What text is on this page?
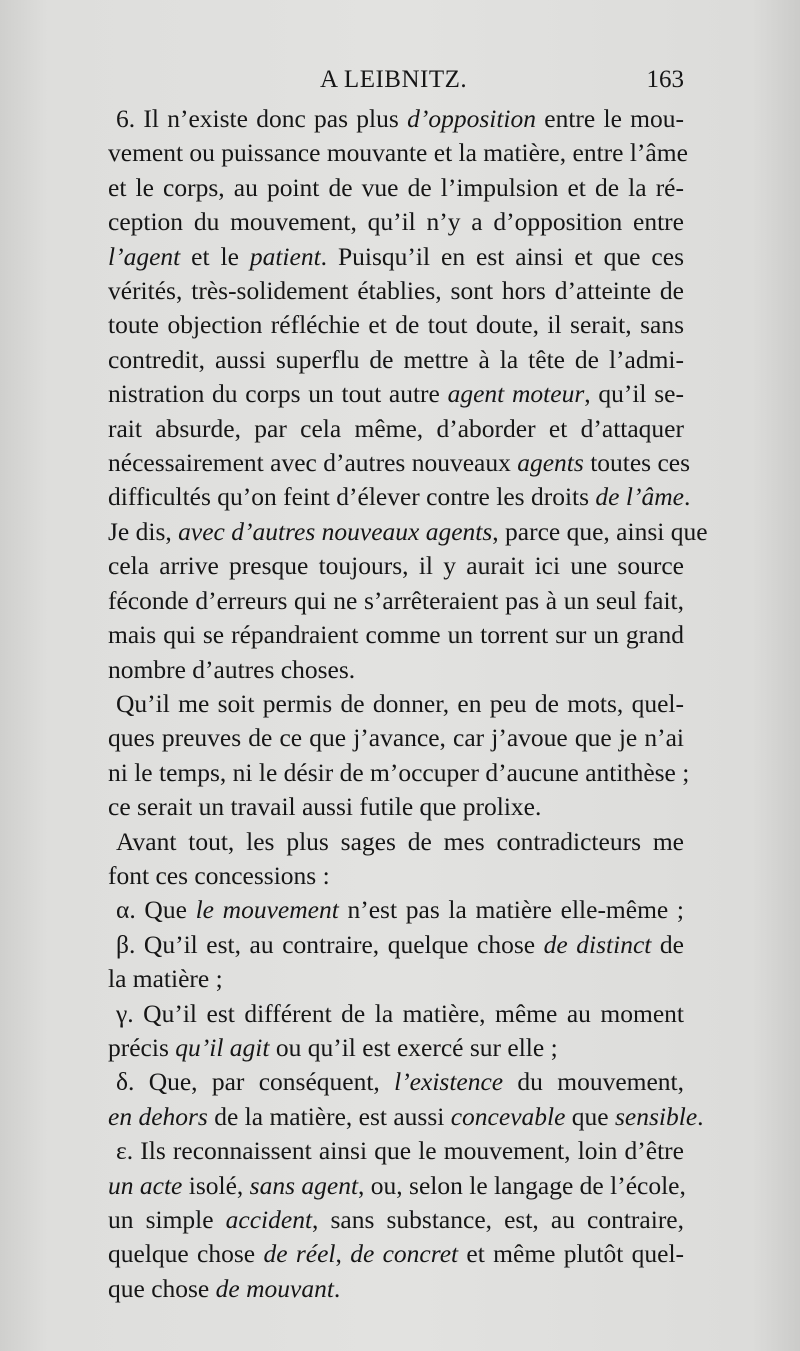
A LEIBNITZ.	163
6. Il n’existe donc pas plus d’opposition entre le mou-
vement ou puissance mouvante et la matière, entre l’âme
et le corps, au point de vue de l’impulsion et de la ré-
ception du mouvement, qu’il n’y a d’opposition entre
l’agent et le patient. Puisqu’il en est ainsi et que ces
vérités, très-solidement établies, sont hors d’atteinte de
toute objection réfléchie et de tout doute, il serait, sans
contredit, aussi superflu de mettre à la tête de l’admi-
nistration du corps un tout autre agent moteur, qu’il se-
rait absurde, par cela même, d’aborder et d’attaquer
nécessairement avec d’autres nouveaux agents toutes ces
difficultés qu’on feint d’élever contre les droits de l’âme.
Je dis, avec d’autres nouveaux agents, parce que, ainsi que
cela arrive presque toujours, il y aurait ici une source
féconde d’erreurs qui ne s’arrêteraient pas à un seul fait,
mais qui se répandraient comme un torrent sur un grand
nombre d’autres choses.
Qu’il me soit permis de donner, en peu de mots, quel-
ques preuves de ce que j’avance, car j’avoue que je n’ai
ni le temps, ni le désir de m’occuper d’aucune antithèse ;
ce serait un travail aussi futile que prolixe.
Avant tout, les plus sages de mes contradicteurs me
font ces concessions :
α. Que le mouvement n’est pas la matière elle-même ;
β. Qu’il est, au contraire, quelque chose de distinct de
la matière ;
γ. Qu’il est différent de la matière, même au moment
précis qu’il agit ou qu’il est exercé sur elle ;
δ. Que, par conséquent, l’existence du mouvement,
en dehors de la matière, est aussi concevable que sensible.
ε. Ils reconnaissent ainsi que le mouvement, loin d’être
un acte isolé, sans agent, ou, selon le langage de l’école,
un simple accident, sans substance, est, au contraire,
quelque chose de réel, de concret et même plutôt quel-
que chose de mouvant.
